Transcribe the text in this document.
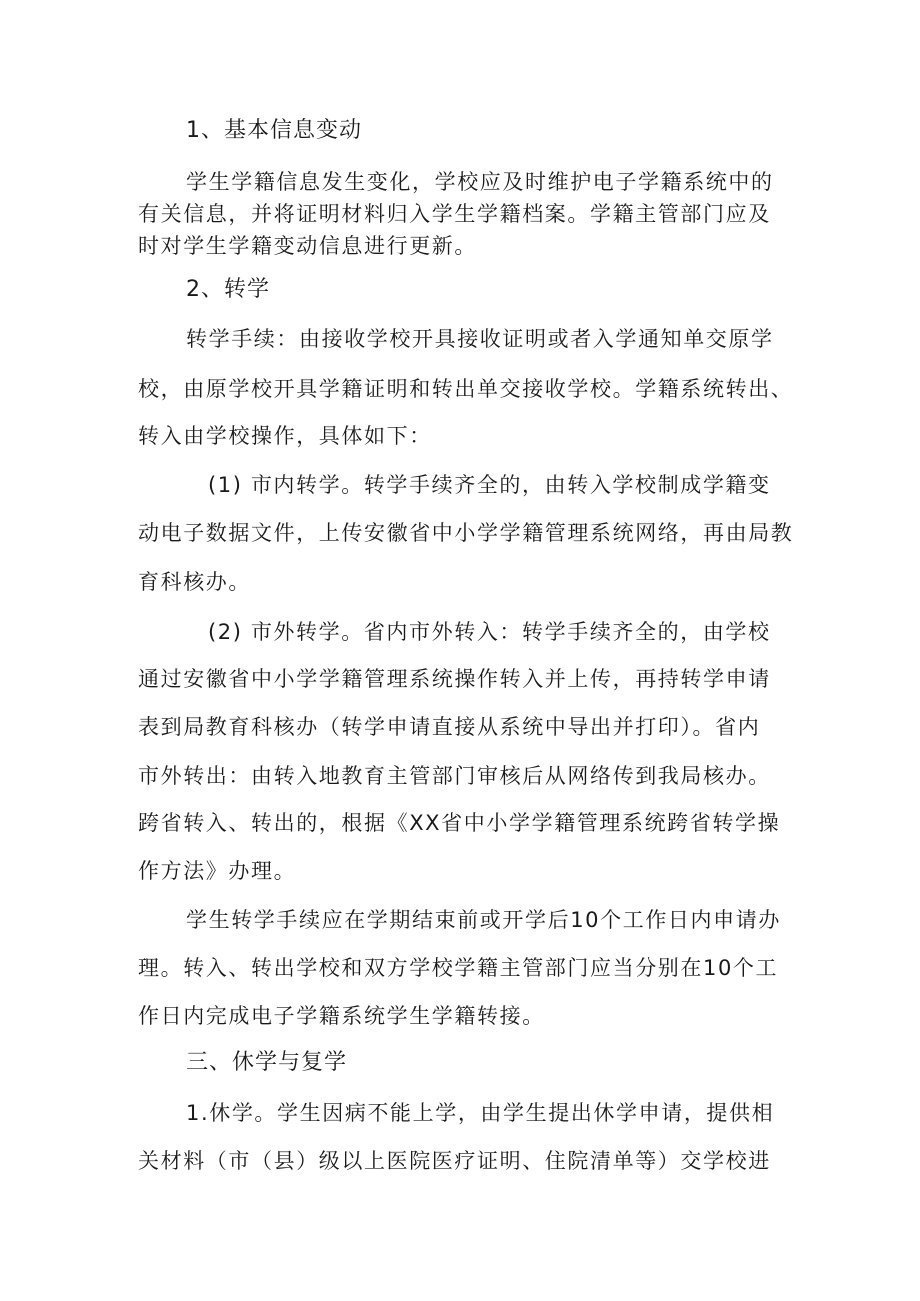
1、基本信息变动
学生学籍信息发生变化，学校应及时维护电子学籍系统中的
有关信息，并将证明材料归入学生学籍档案。学籍主管部门应及
时对学生学籍变动信息进行更新。
2、转学
转学手续：由接收学校开具接收证明或者入学通知单交原学
校，由原学校开具学籍证明和转出单交接收学校。学籍系统转出、
转入由学校操作，具体如下：
(1) 市内转学。转学手续齐全的，由转入学校制成学籍变
动电子数据文件，上传安徽省中小学学籍管理系统网络，再由局教
育科核办。
(2) 市外转学。省内市外转入：转学手续齐全的，由学校
通过安徽省中小学学籍管理系统操作转入并上传，再持转学申请
表到局教育科核办（转学申请直接从系统中导出并打印）。省内
市外转出：由转入地教育主管部门审核后从网络传到我局核办。
跨省转入、转出的，根据《XX省中小学学籍管理系统跨省转学操
作方法》办理。
学生转学手续应在学期结束前或开学后10个工作日内申请办
理。转入、转出学校和双方学校学籍主管部门应当分别在10个工
作日内完成电子学籍系统学生学籍转接。
三、休学与复学
1.休学。学生因病不能上学，由学生提出休学申请，提供相
关材料（市（县）级以上医院医疗证明、住院清单等）交学校进
